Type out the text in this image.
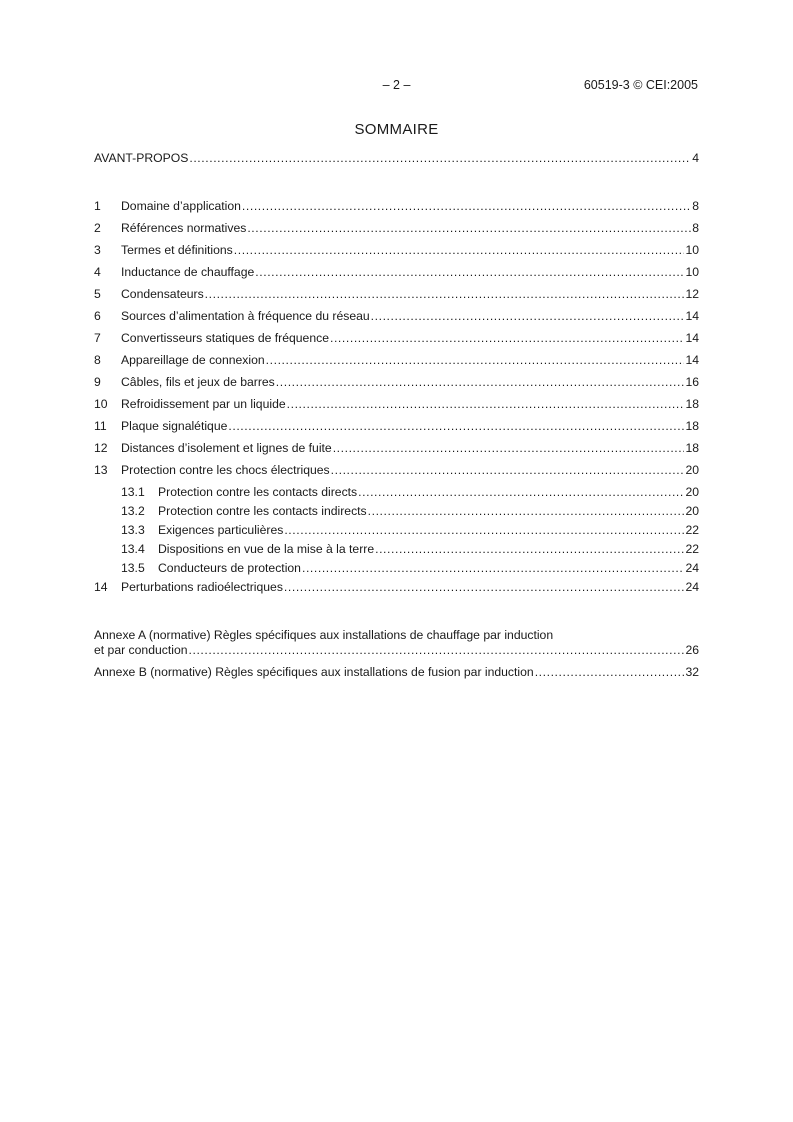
– 2 –	60519-3 © CEI:2005
SOMMAIRE
AVANT-PROPOS . . .	4
1	Domaine d’application . . .	8
2	Références normatives . . .	8
3	Termes et définitions . . .	10
4	Inductance de chauffage . . .	10
5	Condensateurs . . .	12
6	Sources d’alimentation à fréquence du réseau . . .	14
7	Convertisseurs statiques de fréquence . . .	14
8	Appareillage de connexion . . .	14
9	Câbles, fils et jeux de barres . . .	16
10	Refroidissement par un liquide . . .	18
11	Plaque signalétique . . .	18
12	Distances d’isolement et lignes de fuite . . .	18
13	Protection contre les chocs électriques . . .	20
13.1	Protection contre les contacts directs . . .	20
13.2	Protection contre les contacts indirects . . .	20
13.3	Exigences particulières . . .	22
13.4	Dispositions en vue de la mise à la terre . . .	22
13.5	Conducteurs de protection . . .	24
14	Perturbations radioélectriques . . .	24
Annexe A (normative) Règles spécifiques aux installations de chauffage par induction
et par conduction . . .	26
Annexe B (normative) Règles spécifiques aux installations de fusion par induction . . .	32
